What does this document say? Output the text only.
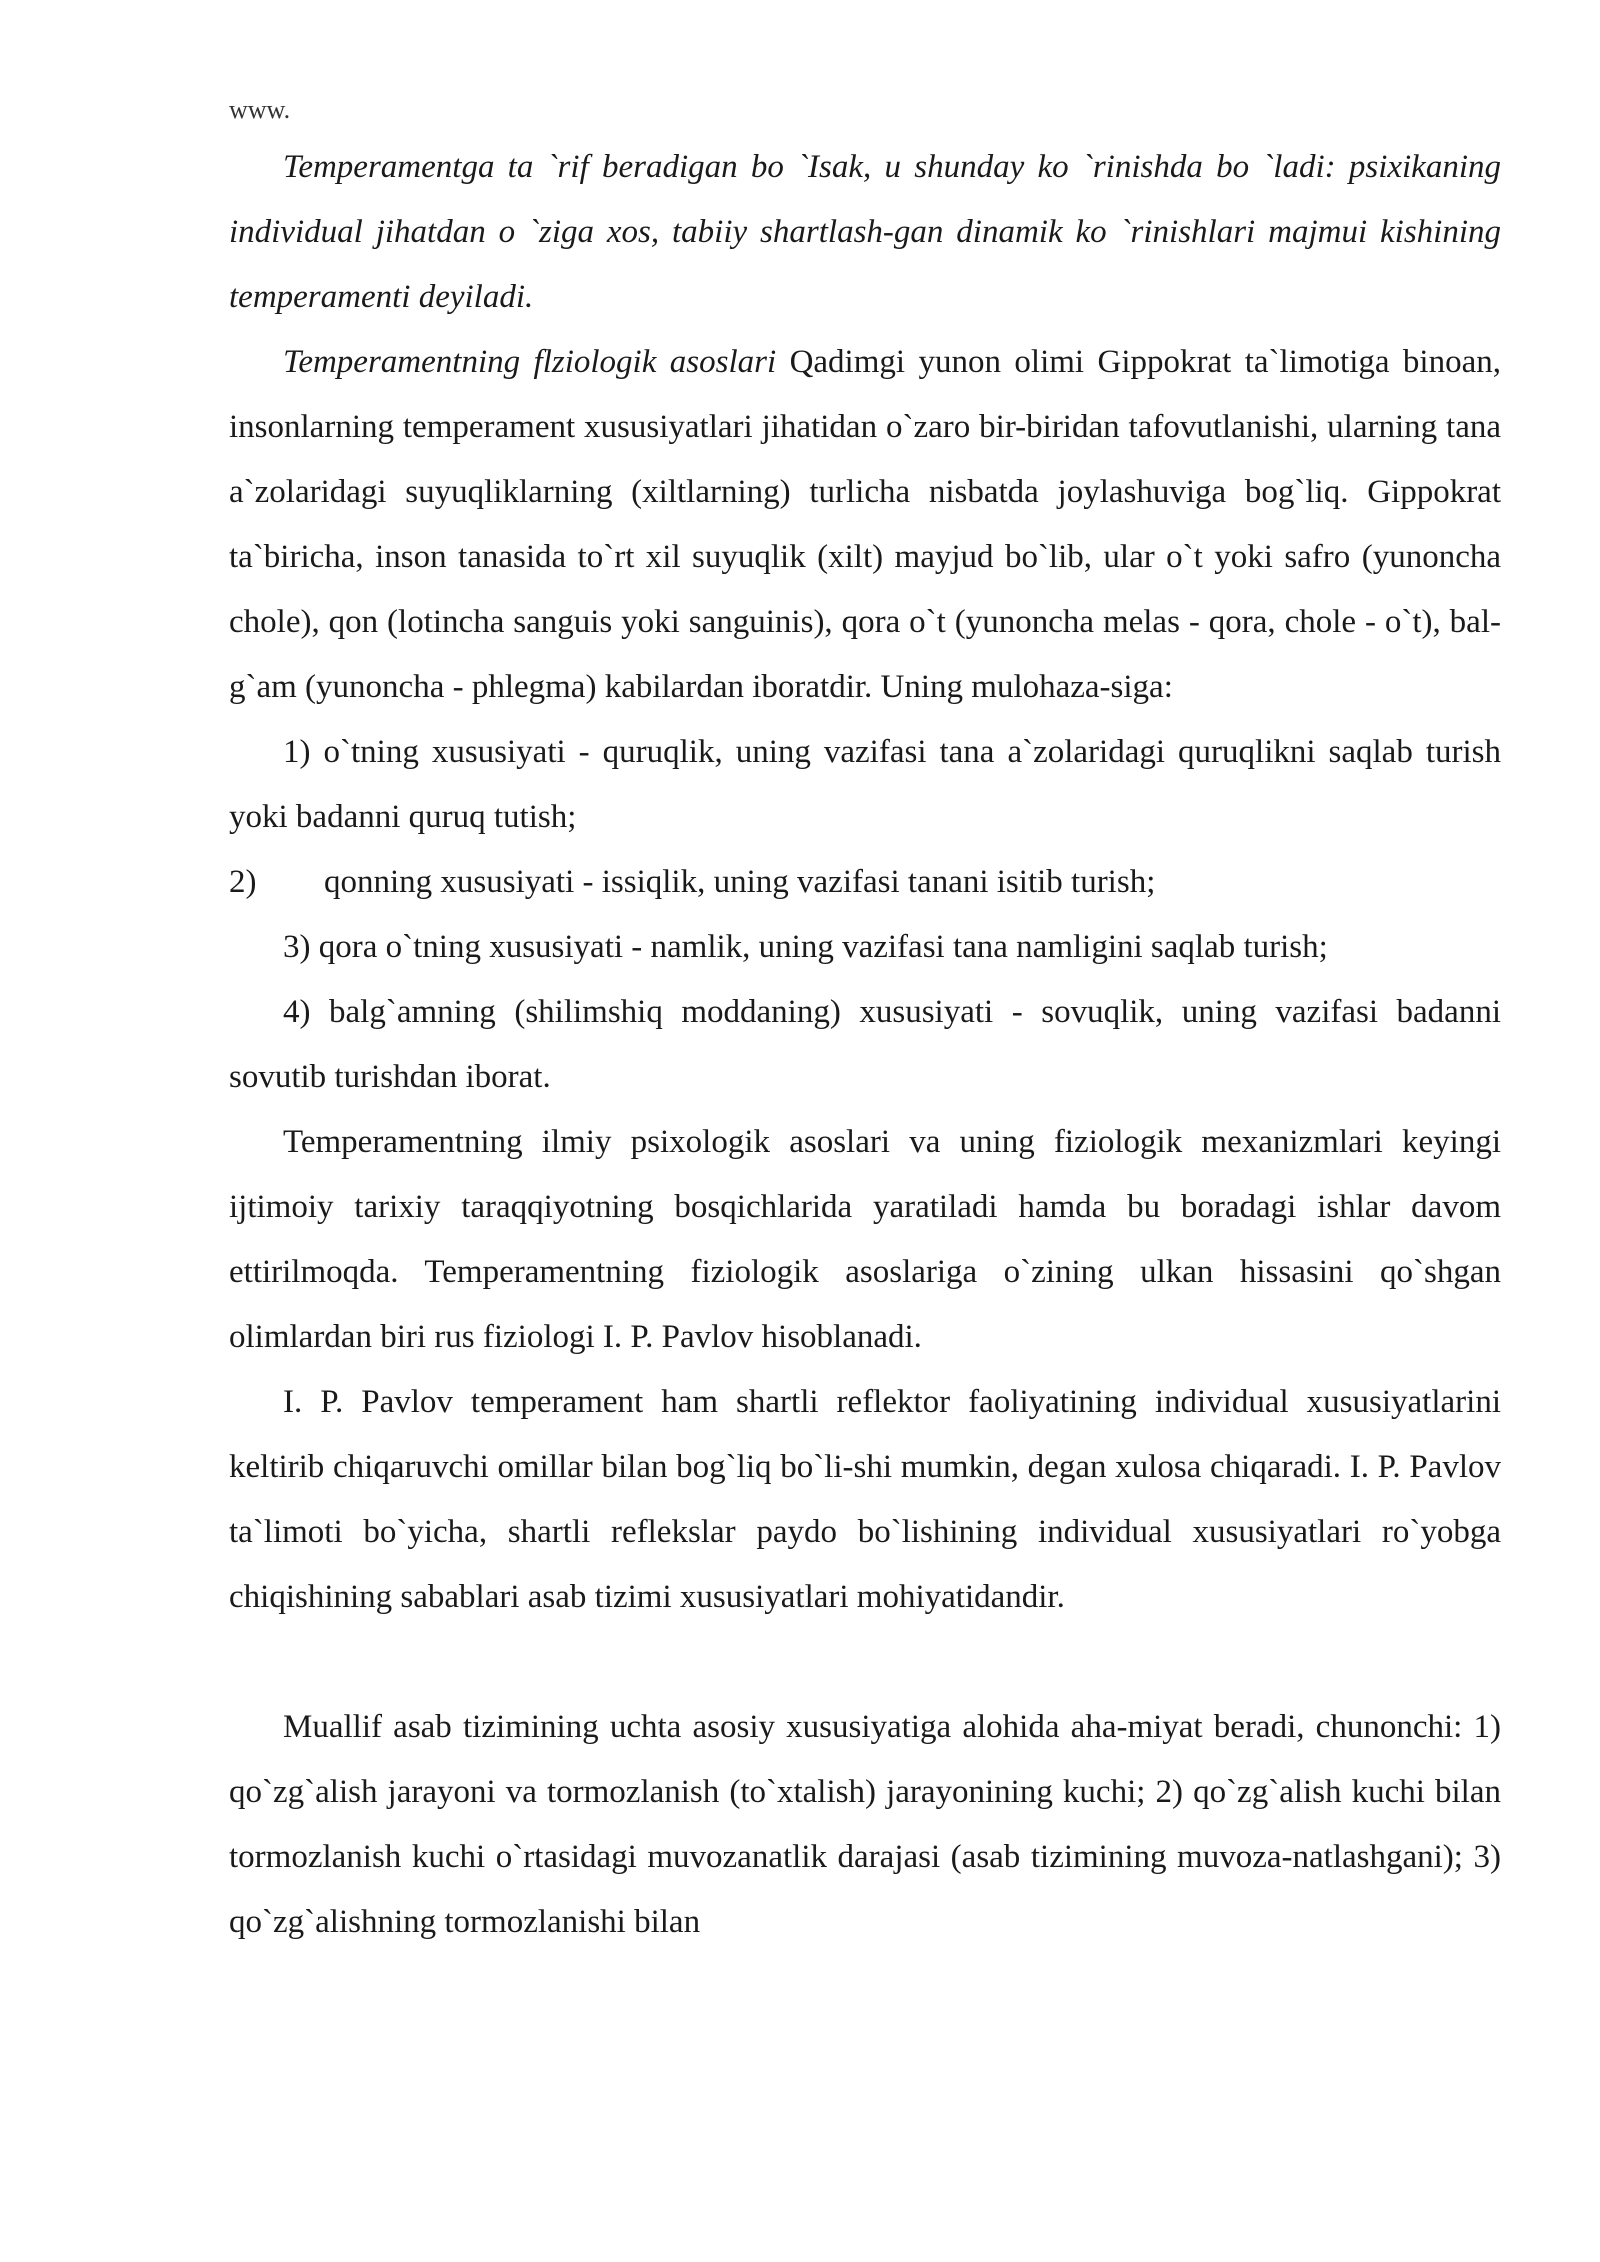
www.

Temperamentga ta `rif beradigan bo `Isak, u shunday ko `rinishda bo `ladi: psixikaning individual jihatdan o `ziga xos, tabiiy shartlash-gan dinamik ko `rinishlari majmui kishining temperamenti deyiladi.

Temperamentning flziologik asoslari Qadimgi yunon olimi Gippokrat ta`limotiga binoan, insonlarning temperament xususiyatlari jihatidan o`zaro bir-biridan tafovutlanishi, ularning tana a`zolaridagi suyuqliklarning (xiltlarning) turlicha nisbatda joylashuviga bog`liq. Gippokrat ta`biricha, inson tanasida to`rt xil suyuqlik (xilt) mayjud bo`lib, ular o`t yoki safro (yunoncha chole), qon (lotincha sanguis yoki sanguinis), qora o`t (yunoncha melas - qora, chole - o`t), bal-g`am (yunoncha - phlegma) kabilardan iboratdir. Uning mulohaza-siga:

1) o`tning xususiyati - quruqlik, uning vazifasi tana a`zolaridagi quruqlikni saqlab turish yoki badanni quruq tutish;

2)	qonning xususiyati - issiqlik, uning vazifasi tanani isitib turish;

3) qora o`tning xususiyati - namlik, uning vazifasi tana namligini saqlab turish;

4) balg`amning (shilimshiq moddaning) xususiyati - sovuqlik, uning vazifasi badanni sovutib turishdan iborat.

Temperamentning ilmiy psixologik asoslari va uning fiziologik mexanizmlari keyingi ijtimoiy tarixiy taraqqiyotning bosqichlarida yaratiladi hamda bu boradagi ishlar davom ettirilmoqda. Temperamentning fiziologik asoslariga o`zining ulkan hissasini qo`shgan olimlardan biri rus fiziologi I. P. Pavlov hisoblanadi.

I. P. Pavlov temperament ham shartli reflektor faoliyatining individual xususiyatlarini keltirib chiqaruvchi omillar bilan bog`liq bo`li-shi mumkin, degan xulosa chiqaradi. I. P. Pavlov ta`limoti bo`yicha, shartli reflekslar paydo bo`lishining individual xususiyatlari ro`yobga chiqishining sabablari asab tizimi xususiyatlari mohiyatidandir.

Muallif asab tizimining uchta asosiy xususiyatiga alohida aha-miyat beradi, chunonchi: 1) qo`zg`alish jarayoni va tormozlanish (to`xtalish) jarayonining kuchi; 2) qo`zg`alish kuchi bilan tormozlanish kuchi o`rtasidagi muvozanatlik darajasi (asab tizimining muvoza-natlashgani); 3) qo`zg`alishning tormozlanishi bilan
